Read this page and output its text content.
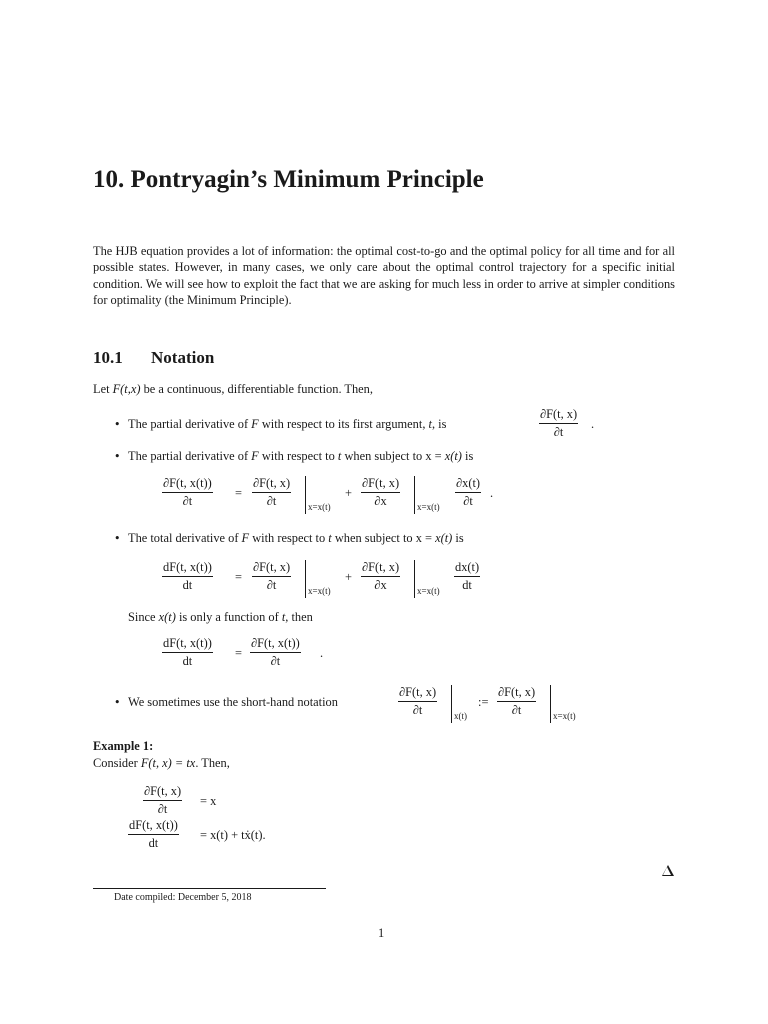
10. Pontryagin’s Minimum Principle
The HJB equation provides a lot of information: the optimal cost-to-go and the optimal policy for all time and for all possible states. However, in many cases, we only care about the optimal control trajectory for a specific initial condition. We will see how to exploit the fact that we are asking for much less in order to arrive at simpler conditions for optimality (the Minimum Principle).
10.1 Notation
Let F(t,x) be a continuous, differentiable function. Then,
• The partial derivative of F with respect to its first argument, t, is	$\frac{\partial F(t, x)}{\partial t}$ .
• The partial derivative of F with respect to t when subject to x = x(t) is
$\frac{\partial F(t, x(t))}{\partial t} = \frac{\partial F(t, x)}{\partial t} x=x(t)$
+ $\frac{\partial F(t, x)}{\partial x} x=x(t) \frac{\partial x(t)}{\partial t}$ .
• The total derivative of F with respect to t when subject to x = x(t) is
$\frac{dF(t, x(t))}{dt} = \frac{\partial F(t, x)}{\partial t} x=x(t)$
+ $\frac{\partial F(t, x)}{\partial x} x=x(t) \frac{dx(t)}{dt}$
Since x(t) is only a function of t, then
$\frac{dF(t, x(t))}{dt} = \frac{\partial F(t, x(t))}{\partial t}$ .
• We sometimes use the short-hand notation	$\frac{\partial F(t, x)}{\partial t} x(t)$
:= $\frac{\partial F(t, x)}{\partial t} x=x(t)$
Example 1:
Consider F(t, x) = tx. Then,
$\frac{\partial F(t, x)}{\partial t} = x$
$\frac{dF(t, x(t))}{dt} = x(t)$ + tẋ(t).
Date compiled: December 5, 2018
1
